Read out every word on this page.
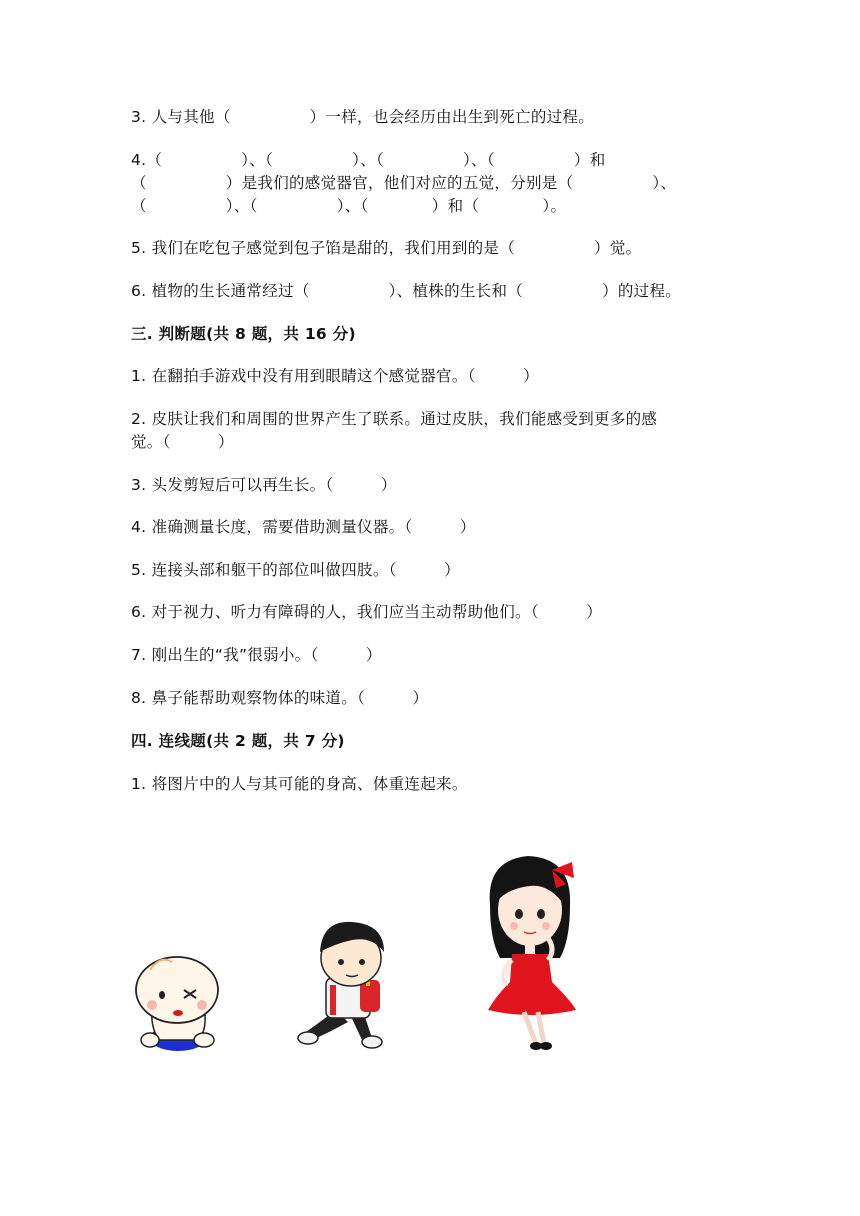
3. 人与其他（　　　　　）一样，也会经历由出生到死亡的过程。
4.（　　　　　）、（　　　　　）、（　　　　　）、（　　　　　）和
（　　　　　）是我们的感觉器官，他们对应的五觉，分别是（　　　　　）、
（　　　　　）、（　　　　　）、（　　　　）和（　　　　）。
5. 我们在吃包子感觉到包子馅是甜的，我们用到的是（　　　　　）觉。
6. 植物的生长通常经过（　　　　　）、植株的生长和（　　　　　）的过程。
三. 判断题(共 8 题，共 16 分)
1. 在翻拍手游戏中没有用到眼睛这个感觉器官。（　　　）
2. 皮肤让我们和周围的世界产生了联系。通过皮肤，我们能感受到更多的感
觉。（　　　）
3. 头发剪短后可以再生长。（　　　）
4. 准确测量长度，需要借助测量仪器。（　　　）
5. 连接头部和躯干的部位叫做四肢。（　　　）
6. 对于视力、听力有障碍的人，我们应当主动帮助他们。（　　　）
7. 刚出生的“我”很弱小。（　　　）
8. 鼻子能帮助观察物体的味道。（　　　）
四. 连线题(共 2 题，共 7 分)
1. 将图片中的人与其可能的身高、体重连起来。
